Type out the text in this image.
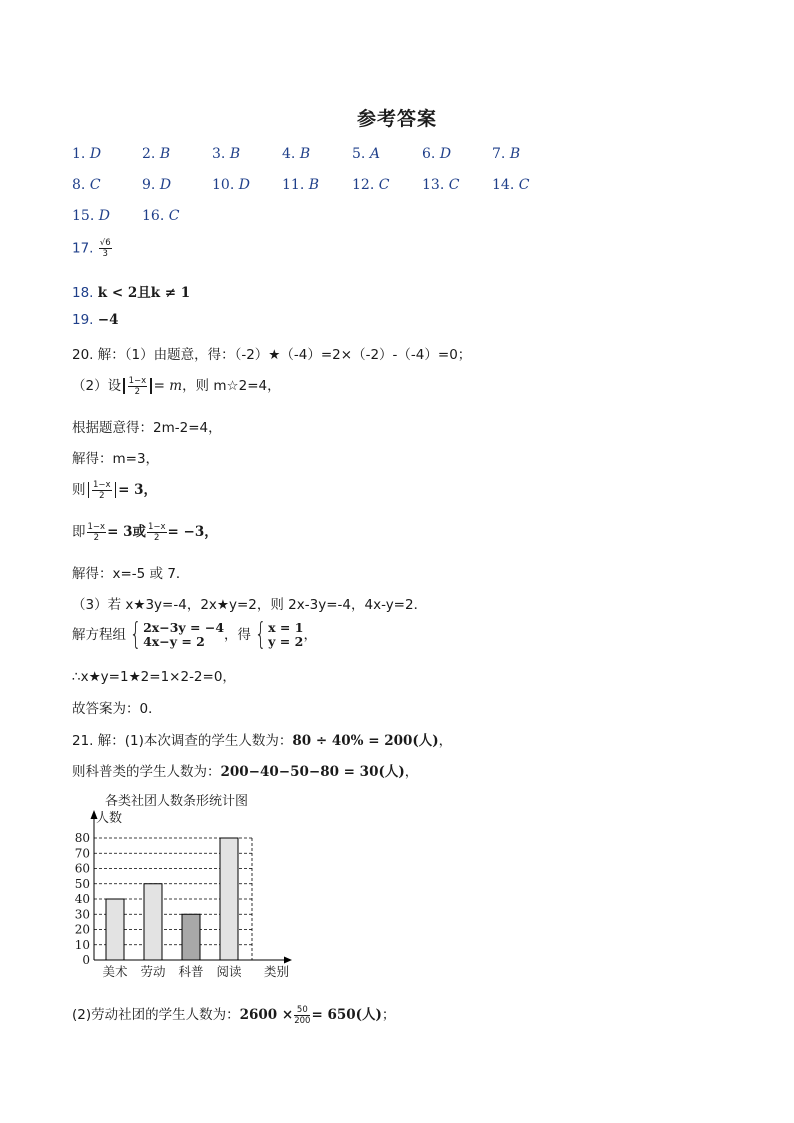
参考答案
1. D	2. B	3. B	4. B	5. A	6. D	7. B
8. C	9. D	10. D 11. B 12. C 13. C 14. C
15. D 16. C
17. $\frac{√6}{3}$
18. k < 2且k ≠ 1
19. −4
20. 解：（1）由题意，得：（-2）★（-4）=2×（-2）-（-4）=0；
（2）设 $\frac{1-x}{2} = m$，则 m☆2=4，
根据题意得：2m-2=4，
解得：m=3，
则 $\frac{1-x}{2} = 3$，
即 $\frac{1-x}{2} = 3$或 $\frac{1-x}{2} = -3$，
解得：x=-5 或 7．
（3）若 x★3y=-4，2x★y=2，则 2x-3y=-4，4x-y=2．
解方程组 { 2x−3y = −4
4x−y = 2	，得 { x = 1
y = 2 ，
∴x★y=1★2=1×2-2=0，
故答案为：0．
21. 解：(1)本次调查的学生人数为：80 ÷ 40% = 200(人)，
则科普类的学生人数为：200−40−50−80 = 30(人)，
各类社团人数条形统计图
人数
0
10
20
30
40
50
60
70
80
美术 劳动 科普 阅读 类别
(2)劳动社团的学生人数为：$2600 \times \frac{50}{200} = 650$(人)；
